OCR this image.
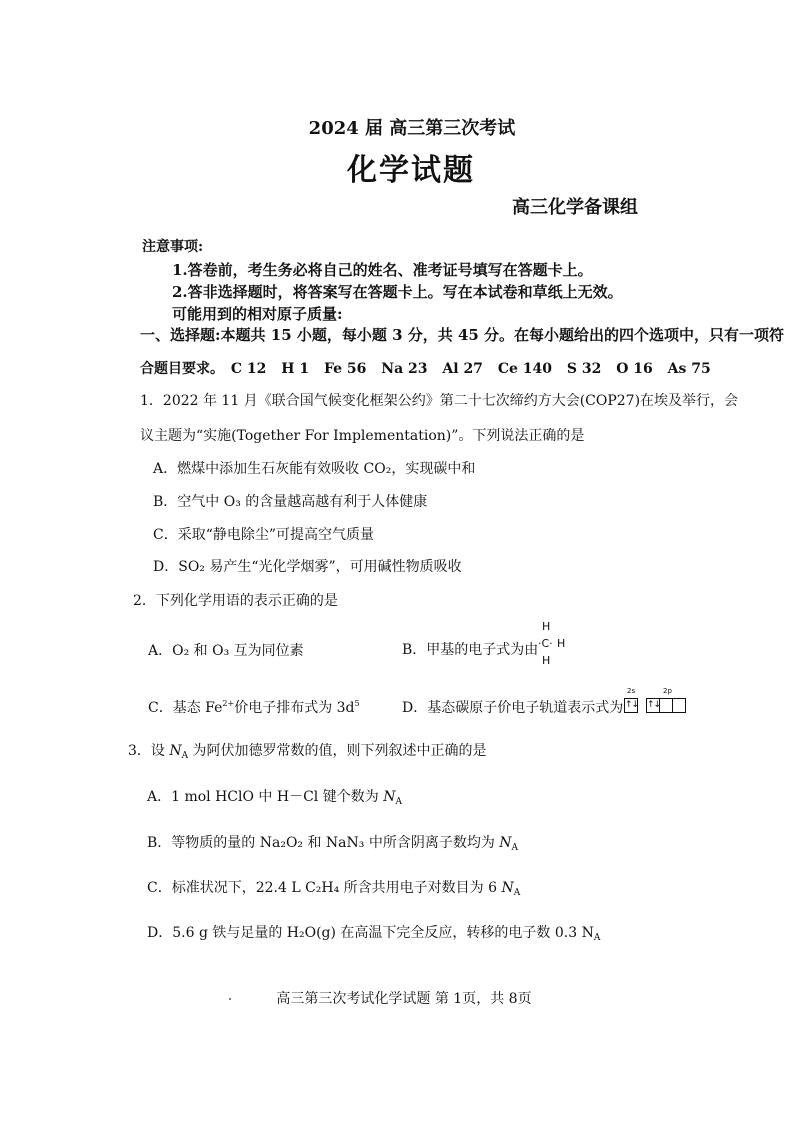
2024 届 高三第三次考试
化学试题
高三化学备课组
注意事项:
1.答卷前，考生务必将自己的姓名、准考证号填写在答题卡上。
2.答非选择题时，将答案写在答题卡上。写在本试卷和草纸上无效。
可能用到的相对原子质量:
一、选择题:本题共 15 小题，每小题 3 分，共 45 分。在每小题给出的四个选项中，只有一项符
合题目要求。 C 12 H 1 Fe 56 Na 23 Al 27 Ce 140 S 32 O 16 As 75
1．2022 年 11 月《联合国气候变化框架公约》第二十七次缔约方大会(COP27)在埃及举行，会
议主题为“实施(Together For Implementation)”。下列说法正确的是
A．燃煤中添加生石灰能有效吸收 CO₂，实现碳中和
B．空气中 O₃ 的含量越高越有利于人体健康
C．采取“静电除尘”可提高空气质量
D．SO₂ 易产生“光化学烟雾”，可用碱性物质吸收
2．下列化学用语的表示正确的是
A．O₂ 和 O₃ 互为同位素	B．甲基的电子式为由
H
·C· H
H
C．基态 $Fe^{2+}$价电子排布式为 $3d^5$	D．基态碳原子价电子轨道表示式为
2s	2p
↑↓ ↑↓
3．设 $N_A$ 为阿伏加德罗常数的值，则下列叙述中正确的是
A．1 mol HClO 中 H－Cl 键个数为 $N_A$
B．等物质的量的 Na₂O₂ 和 NaN₃ 中所含阴离子数均为 $N_A$
C．标准状况下，22.4 L C₂H₄ 所含共用电子对数目为 6 $N_A$
D．5.6 g 铁与足量的 H₂O(g) 在高温下完全反应，转移的电子数 0.3 $N_A$
高三第三次考试化学试题 第 1页，共 8页
